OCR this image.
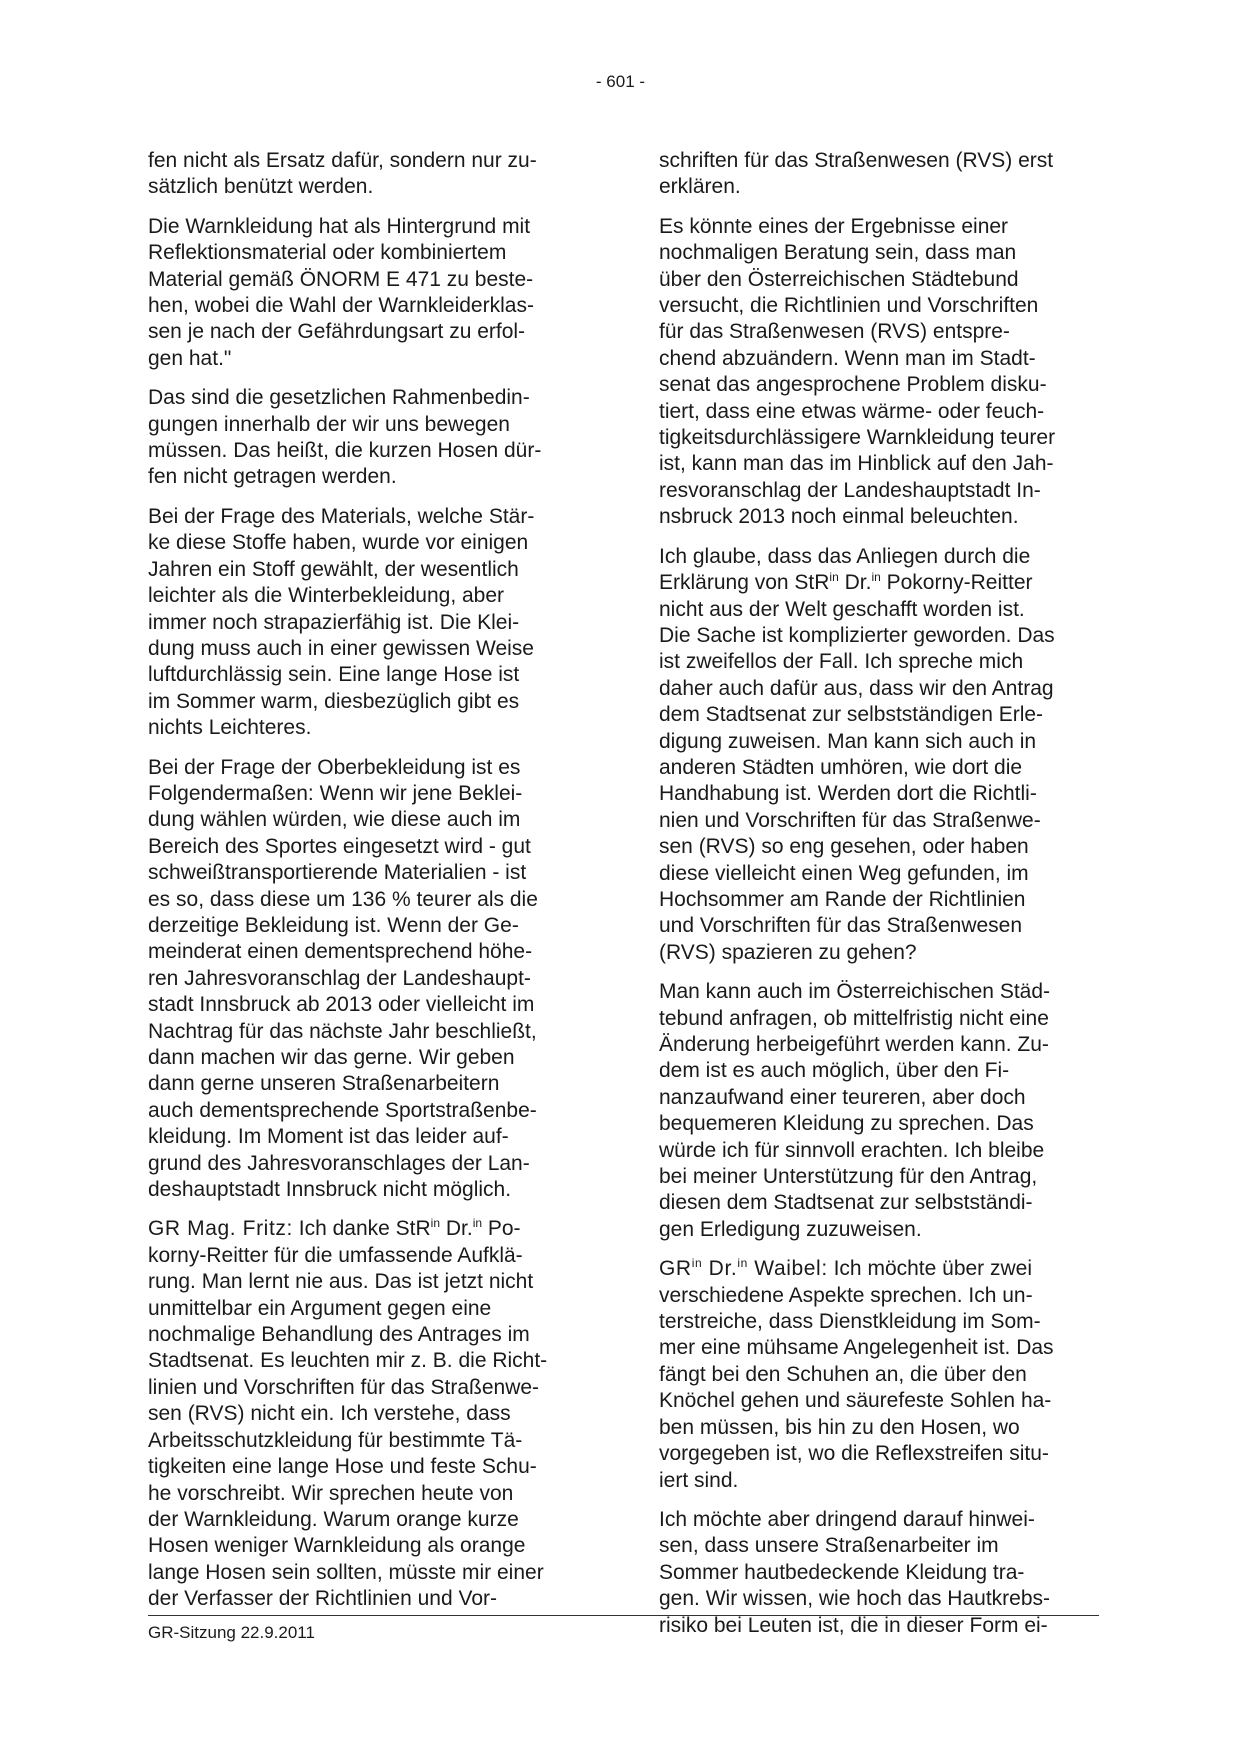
- 601 -

fen nicht als Ersatz dafür, sondern nur zu-
sätzlich benützt werden.

Die Warnkleidung hat als Hintergrund mit
Reflektionsmaterial oder kombiniertem
Material gemäß ÖNORM E 471 zu beste-
hen, wobei die Wahl der Warnkleiderklas-
sen je nach der Gefährdungsart zu erfol-
gen hat."

Das sind die gesetzlichen Rahmenbedin-
gungen innerhalb der wir uns bewegen
müssen. Das heißt, die kurzen Hosen dür-
fen nicht getragen werden.

Bei der Frage des Materials, welche Stär-
ke diese Stoffe haben, wurde vor einigen
Jahren ein Stoff gewählt, der wesentlich
leichter als die Winterbekleidung, aber
immer noch strapazierfähig ist. Die Klei-
dung muss auch in einer gewissen Weise
luftdurchlässig sein. Eine lange Hose ist
im Sommer warm, diesbezüglich gibt es
nichts Leichteres.

Bei der Frage der Oberbekleidung ist es
Folgendermaßen: Wenn wir jene Beklei-
dung wählen würden, wie diese auch im
Bereich des Sportes eingesetzt wird - gut
schweißtransportierende Materialien - ist
es so, dass diese um 136 % teurer als die
derzeitige Bekleidung ist. Wenn der Ge-
meinderat einen dementsprechend höhe-
ren Jahresvoranschlag der Landeshaupt-
stadt Innsbruck ab 2013 oder vielleicht im
Nachtrag für das nächste Jahr beschließt,
dann machen wir das gerne. Wir geben
dann gerne unseren Straßenarbeitern
auch dementsprechende Sportstraßenbe-
kleidung. Im Moment ist das leider auf-
grund des Jahresvoranschlages der Lan-
deshauptstadt Innsbruck nicht möglich.

GR Mag. Fritz: Ich danke StR$^{in}$ Dr.$^{in}$ Po-
korny-Reitter für die umfassende Aufklä-
rung. Man lernt nie aus. Das ist jetzt nicht
unmittelbar ein Argument gegen eine
nochmalige Behandlung des Antrages im
Stadtsenat. Es leuchten mir z. B. die Richt-
linien und Vorschriften für das Straßenwe-
sen (RVS) nicht ein. Ich verstehe, dass
Arbeitsschutzkleidung für bestimmte Tä-
tigkeiten eine lange Hose und feste Schu-
he vorschreibt. Wir sprechen heute von
der Warnkleidung. Warum orange kurze
Hosen weniger Warnkleidung als orange
lange Hosen sein sollten, müsste mir einer
der Verfasser der Richtlinien und Vor-

schriften für das Straßenwesen (RVS) erst
erklären.

Es könnte eines der Ergebnisse einer
nochmaligen Beratung sein, dass man
über den Österreichischen Städtebund
versucht, die Richtlinien und Vorschriften
für das Straßenwesen (RVS) entspre-
chend abzuändern. Wenn man im Stadt-
senat das angesprochene Problem disku-
tiert, dass eine etwas wärme- oder feuch-
tigkeitsdurchlässigere Warnkleidung teurer
ist, kann man das im Hinblick auf den Jah-
resvoranschlag der Landeshauptstadt In-
nsbruck 2013 noch einmal beleuchten.

Ich glaube, dass das Anliegen durch die
Erklärung von StR$^{in}$ Dr.$^{in}$ Pokorny-Reitter
nicht aus der Welt geschafft worden ist.
Die Sache ist komplizierter geworden. Das
ist zweifellos der Fall. Ich spreche mich
daher auch dafür aus, dass wir den Antrag
dem Stadtsenat zur selbstständigen Erle-
digung zuweisen. Man kann sich auch in
anderen Städten umhören, wie dort die
Handhabung ist. Werden dort die Richtli-
nien und Vorschriften für das Straßenwe-
sen (RVS) so eng gesehen, oder haben
diese vielleicht einen Weg gefunden, im
Hochsommer am Rande der Richtlinien
und Vorschriften für das Straßenwesen
(RVS) spazieren zu gehen?

Man kann auch im Österreichischen Städ-
tebund anfragen, ob mittelfristig nicht eine
Änderung herbeigeführt werden kann. Zu-
dem ist es auch möglich, über den Fi-
nanzaufwand einer teureren, aber doch
bequemeren Kleidung zu sprechen. Das
würde ich für sinnvoll erachten. Ich bleibe
bei meiner Unterstützung für den Antrag,
diesen dem Stadtsenat zur selbstständi-
gen Erledigung zuzuweisen.

$GR^{in}$ Dr.$^{in}$ Waibel: Ich möchte über zwei
verschiedene Aspekte sprechen. Ich un-
terstreiche, dass Dienstkleidung im Som-
mer eine mühsame Angelegenheit ist. Das
fängt bei den Schuhen an, die über den
Knöchel gehen und säurefeste Sohlen ha-
ben müssen, bis hin zu den Hosen, wo
vorgegeben ist, wo die Reflexstreifen situ-
iert sind.

Ich möchte aber dringend darauf hinwei-
sen, dass unsere Straßenarbeiter im
Sommer hautbedeckende Kleidung tra-
gen. Wir wissen, wie hoch das Hautkrebs-
risiko bei Leuten ist, die in dieser Form ei-

GR-Sitzung 22.9.2011
